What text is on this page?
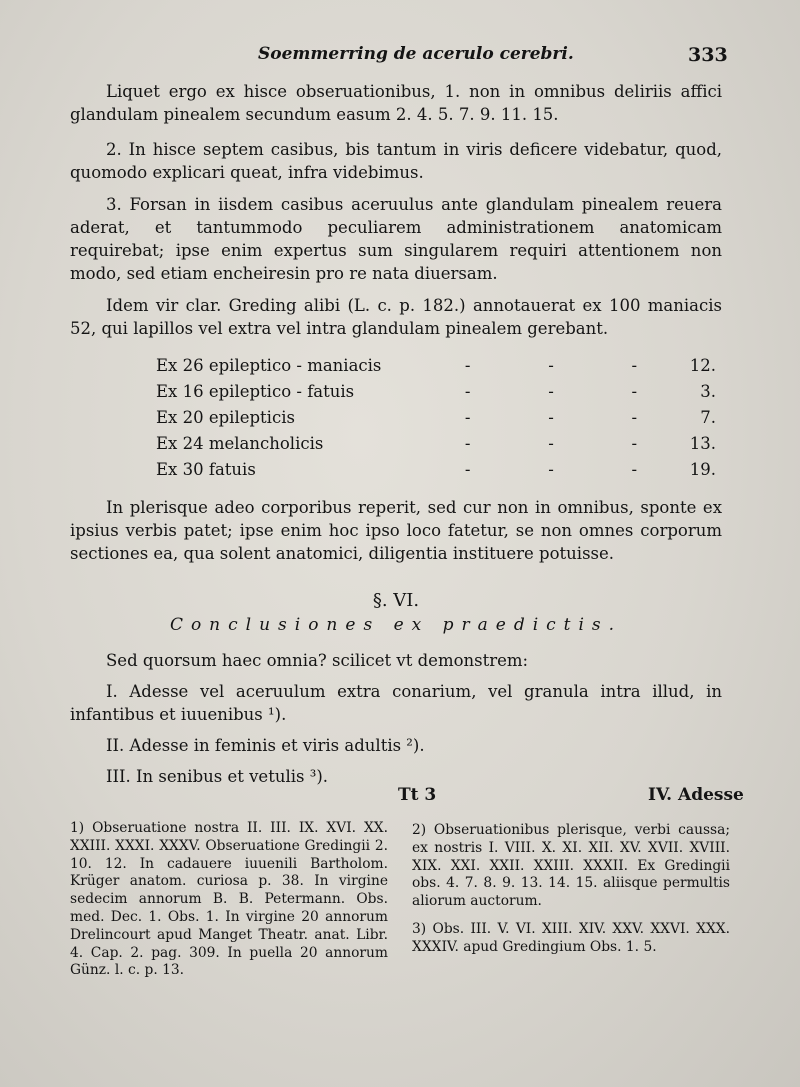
Soemmerring de acerulo cerebri.	333

Liquet ergo ex hisce obseruationibus, 1. non in omnibus deliriis affici glandulam pinealem secundum easum 2. 4. 5. 7. 9. 11. 15.

2. In hisce septem casibus, bis tantum in viris deficere videbatur, quod, quomodo explicari queat, infra videbimus.

3. Forsan in iisdem casibus aceruulus ante glandulam pinealem reuera aderat, et tantummodo peculiarem administrationem anatomicam requirebat; ipse enim expertus sum singularem requiri attentionem non modo, sed etiam encheiresin pro re nata diuersam.

Idem vir clar. Greding alibi (L. c. p. 182.) annotauerat ex 100 maniacis 52, qui lapillos vel extra vel intra glandulam pinealem gerebant.

Ex 26 epileptico - maniacis	-	-	-	12.
Ex 16 epileptico - fatuis	-	-	-	3.
Ex 20 epilepticis	-	-	-	7.
Ex 24 melancholicis	-	-	-	13.
Ex 30 fatuis	-	-	-	19.

In plerisque adeo corporibus reperit, sed cur non in omnibus, sponte ex ipsius verbis patet; ipse enim hoc ipso loco fatetur, se non omnes corporum sectiones ea, qua solent anatomici, diligentia instituere potuisse.

§. VI.
Conclusiones ex praedictis.

Sed quorsum haec omnia? scilicet vt demonstrem:

I. Adesse vel aceruulum extra conarium, vel granula intra illud, in infantibus et iuuenibus ¹).

II. Adesse in feminis et viris adultis ²).

III. In senibus et vetulis ³).

Tt 3	IV. Adesse

1) Obseruatione nostra II. III. IX. XVI. XX. XXIII. XXXI. XXXV. Obseruatione Gredingii 2. 10. 12. In cadauere iuuenili Bartholom. Krüger anatom. curiosa p. 38. In virgine sedecim annorum B. B. Petermann. Obs. med. Dec. 1. Obs. 1. In virgine 20 annorum Drelincourt apud Manget Theatr. anat. Libr. 4. Cap. 2. pag. 309. In puella 20 annorum Günz. l. c. p. 13.

2) Obseruationibus plerisque, verbi caussa; ex nostris I. VIII. X. XI. XII. XV. XVII. XVIII. XIX. XXI. XXII. XXIII. XXXII. Ex Gredingii obs. 4. 7. 8. 9. 13. 14. 15. aliisque permultis aliorum auctorum.

3) Obs. III. V. VI. XIII. XIV. XXV. XXVI. XXX. XXXIV. apud Gredingium Obs. 1. 5.
